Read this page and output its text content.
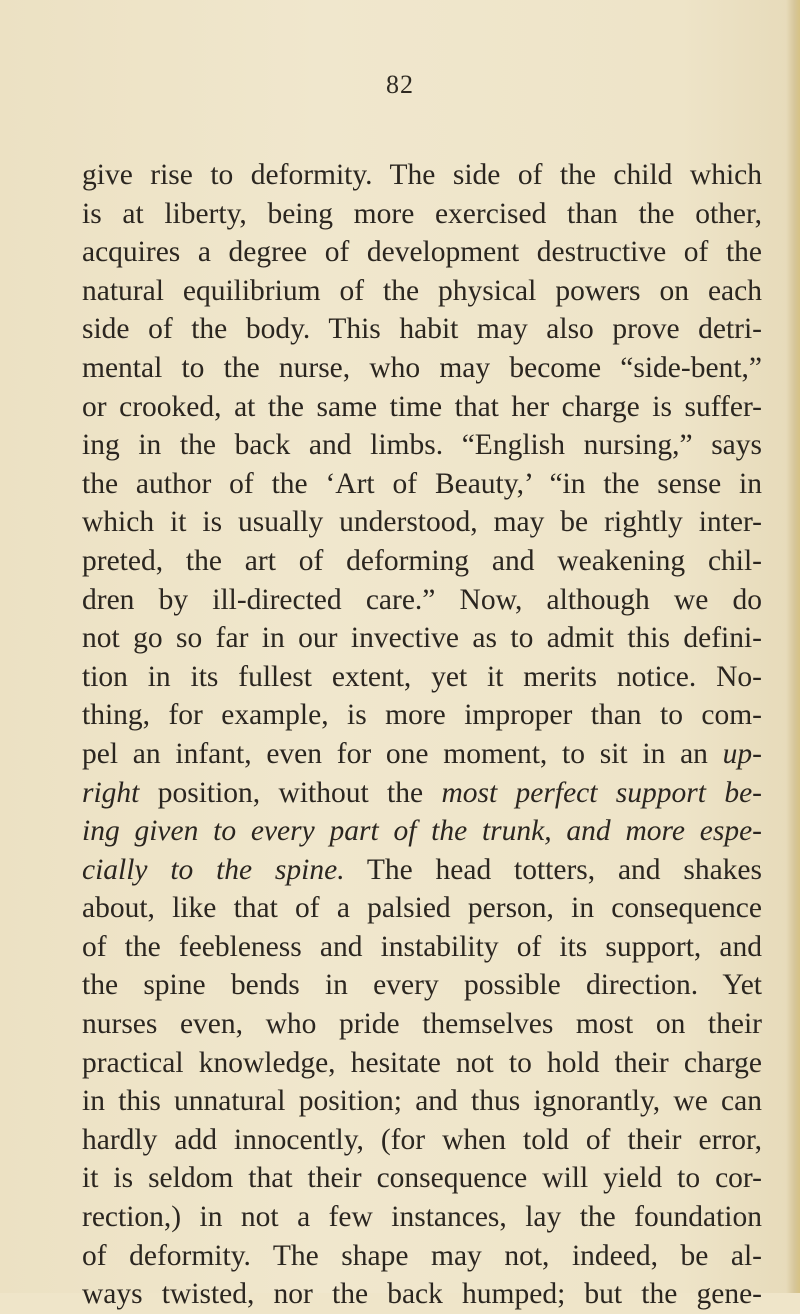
82
give rise to deformity. The side of the child which
is at liberty, being more exercised than the other,
acquires a degree of development destructive of the
natural equilibrium of the physical powers on each
side of the body. This habit may also prove detri-
mental to the nurse, who may become “side-bent,”
or crooked, at the same time that her charge is suffer-
ing in the back and limbs. “English nursing,” says
the author of the ‘Art of Beauty,’ “in the sense in
which it is usually understood, may be rightly inter-
preted, the art of deforming and weakening chil-
dren by ill-directed care.” Now, although we do
not go so far in our invective as to admit this defini-
tion in its fullest extent, yet it merits notice. No-
thing, for example, is more improper than to com-
pel an infant, even for one moment, to sit in an up-
right position, without the most perfect support be-
ing given to every part of the trunk, and more espe-
cially to the spine. The head totters, and shakes
about, like that of a palsied person, in consequence
of the feebleness and instability of its support, and
the spine bends in every possible direction. Yet
nurses even, who pride themselves most on their
practical knowledge, hesitate not to hold their charge
in this unnatural position; and thus ignorantly, we can
hardly add innocently, (for when told of their error,
it is seldom that their consequence will yield to cor-
rection,) in not a few instances, lay the foundation
of deformity. The shape may not, indeed, be al-
ways twisted, nor the back humped; but the gene-
